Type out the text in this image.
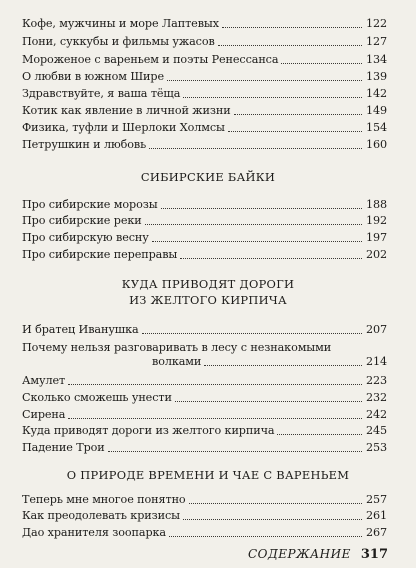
Кофе, мужчины и море Лаптевых	122
Пони, суккубы и фильмы ужасов	127
Мороженое с вареньем и поэты Ренессанса	134
О любви в южном Шире	139
Здравствуйте, я ваша тёща	142
Котик как явление в личной жизни	149
Физика, туфли и Шерлоки Холмсы	154
Петрушкин и любовь	160
СИБИРСКИЕ БАЙКИ
Про сибирские морозы	188
Про сибирские реки	192
Про сибирскую весну	197
Про сибирские переправы	202
КУДА ПРИВОДЯТ ДОРОГИ
ИЗ ЖЕЛТОГО КИРПИЧА
И братец Иванушка	207
Почему нельзя разговаривать в лесу с незнакомыми
волками	214
Амулет	223
Сколько сможешь унести	232
Сирена	242
Куда приводят дороги из желтого кирпича	245
Падение Трои	253
О ПРИРОДЕ ВРЕМЕНИ И ЧАЕ С ВАРЕНЬЕМ
Теперь мне многое понятно	257
Как преодолевать кризисы	261
Дао хранителя зоопарка	267
СОДЕРЖАНИЕ 317
